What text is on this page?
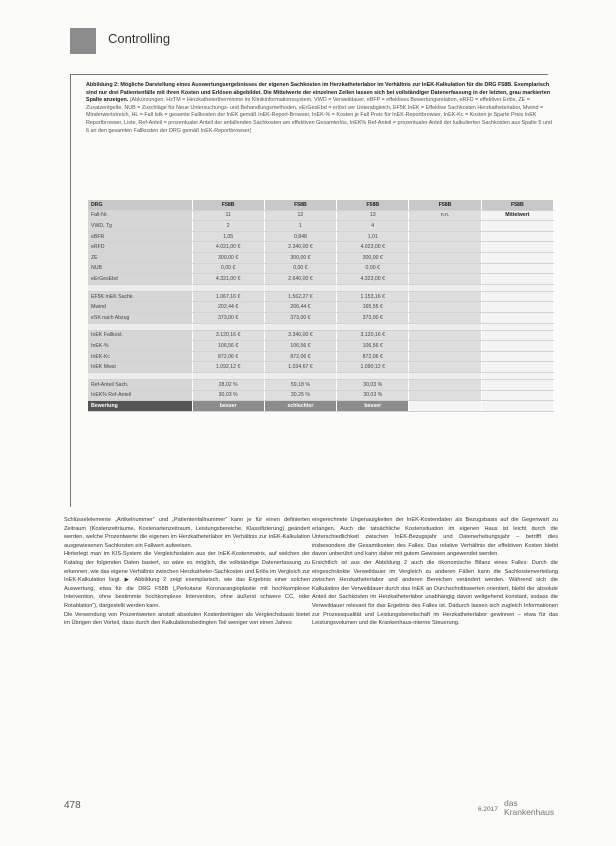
Controlling

Abbildung 2: Mögliche Darstellung eines Auswertungsergebnisses der eigenen Sachkosten im Herzkatheterlabor im Verhältnis zur InEK-Kalkulation für die DRG F58B. Exemplarisch sind nur drei Patientenfälle mit ihren Kosten und Erlösen abgebildet. Die Mittelwerte der einzelnen Zeilen lassen sich bei vollständiger Datenerfassung in der letzten, grau markierten Spalte anzeigen. (Abkürzungen: HzTM = Herzkathetertherminme im Klinikinformationssystem, VWD = Verweildauer, eBFP = effektives Bewertungsrelation, eRFD = effektiver Erlös, ZE = Zusatzentgelte, NUB = Zuschläge für Neue Untersuchungs- und Behandlungsmethoden, eErGesEbd = erlöst ver Unterabgleich, EF5K InEK = Effektive Sachkosten Herzkatheterlabor, Mwind = Minderwertstreich, HL = Fall Istk = gesamte Fallkosten der InEK gemäß InEK-Report-Browser, InEK-% = Kosten je Fall Preis für InEK-Reportbrowser, InEK-Kc = Kosten je Sparte Preis InEK Reportbrowser, Liste, Ref-Anteil = prozentualer Anteil der anfallenden Sachkosten am effektiven Gesamterlös, InEK% Ref-Anteil = prozentualer Anteil der kalkulierten Sachkosten aus Spalte 5 und 6 an den gesamten Fallkosten der DRG gemäß InEK-Reportbrowser)

DRG	F58B	F58B	F58B	F58B	F58B
Fall-Nr.	11	12	13	n.n.	Mittelwert
VWD, Tg	2	1	4		
eBFR	1,05	0,848	1,01		
eRFD	4.021,00 €	2.340,00 €	4.023,00 €		
ZE	300,00 €	300,00 €	300,00 €		
NUB	0,00 €	0,00 €	0,00 €		
eErGesEbd	4.321,00 €	2.640,00 €	4.323,00 €		

EF5K InEK Sachk.	1.067,16 €	1.562,27 €	1.153,16 €		
Mwind	202,44 €	206,44 €	165,55 €		
eSK nach Abzug	373,00 €	373,00 €	373,00 €		

InEK Fallkost.	3.120,16 €	3.340,00 €	3.120,16 €		
InEK-%	106,56 €	106,56 €	106,56 €		
InEK-Kc	872,06 €	872,06 €	872,06 €		
InEK Mwst	1.092,12 €	1.034,67 €	1.090,12 €		

Ref-Anteil Sach.	28,02 %	59,18 %	30,03 %		
InEK% Ref-Anteil	30,03 %	30,25 %	30,03 %		
Bewertung	besser	schlechter	besser		

Schlüsselelemente „Artikelnummer“ und „Patientenfallnummer“ kann je für einen definierten Zeitraum (Kostenzeiträume, Kostenartenzeitraum, Leistungsbereiche, Klassifizierung) geändert werden, welche Prozentwerte die eigenen im Herzkatheterlabor im Verhältnis zur InEK-Kalkulation ausgewiesenen Sachkosten ein Fallwert aufweisen.

Hinterlegt man im KIS-System die Vergleichsdaten aus der InEK-Kostenmatrix, auf welchen der Katalog der folgenden Daten basiert, so wäre es möglich, die vollständige Datenerfassung zu erkennen, wie das eigene Verhältnis zwischen Herzkatheter-Sachkosten und Erlös im Vergleich zur InEK-Kalkulation liegt. ▶ Abbildung 2 zeigt exemplarisch, wie das Ergebnis einer solchen Auswertung, etwa für die DRG F58B („Perkutane Koronarangioplastie mit hochkomplexer Intervention, ohne bestimmte hochkomplexe Intervention, ohne äußerst schwere CC, oder Rotablation“), dargestellt werden kann.

Die Verwendung von Prozentwerten anstatt absoluten Kostenbeträgen als Vergleichsbasis bietet im Übrigen den Vorteil, dass durch den Kalkulationsbedingten Teil weniger von einen Jahres

eingerechnete Ungenauigkeiten der InEK-Kostendaten als Bezugsbasis auf die Gegenwart zu erlangen. Auch die tatsächliche Kostensituation im eigenen Haus ist leicht durch die Unterschiedlichkeit zwischen InEK-Bezugsjahr und Datenerhebungsjahr – betrifft dies insbesondere die Gesamtkosten des Falles. Das relative Verhältnis der effektiven Kosten bleibt davon unberührt und kann daher mit gutem Gewissen angewendet werden.

Ersichtlich ist aus der Abbildung 2 auch die ökonomische Bilanz eines Falles: Durch die eingeschränkte Verweildauer im Vergleich zu anderen Fällen kann die Sachkostenverteilung zwischen Herzkatheterlabor und anderen Bereichen verändert werden. Während sich die Kalkulation der Verweildauer durch das InEK an Durchschnittswerten orientiert, bleibt der absolute Anteil der Sachkosten im Herzkatheterlabor unabhängig davon weitgehend konstant, sodass die Verweildauer relevant für das Ergebnis des Falles ist. Dadurch lassen sich zugleich Informationen zur Prozessqualität und Leistungsbereitschaft im Herzkatheterlabor gewinnen – etwa für das Leistungsvolumen und die Krankenhaus-interne Steuerung.

478	6.2017
das
Krankenhaus
